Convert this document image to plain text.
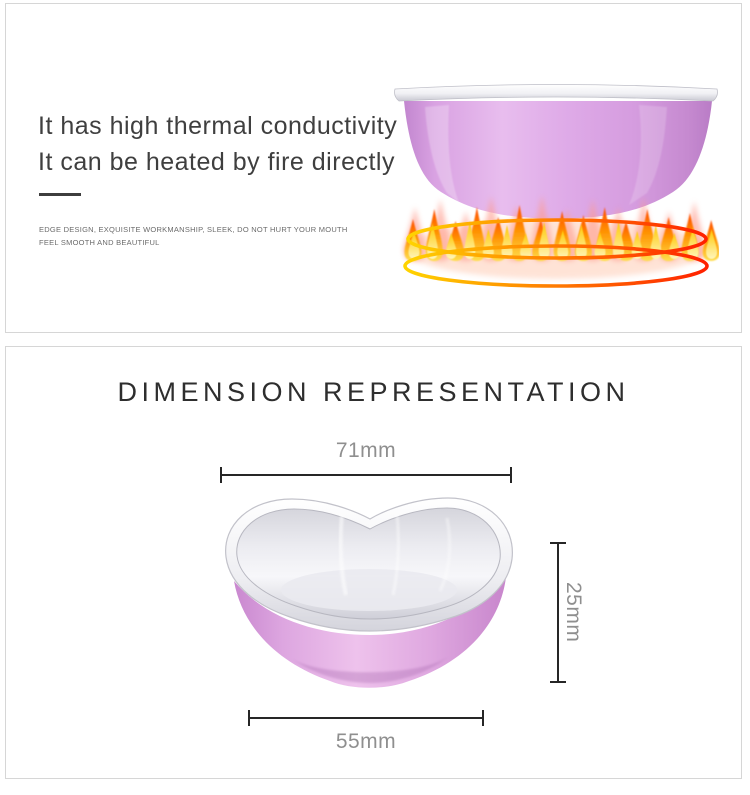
It has high thermal conductivity
It can be heated by fire directly
EDGE DESIGN, EXQUISITE WORKMANSHIP, SLEEK, DO NOT HURT YOUR MOUTH
FEEL SMOOTH AND BEAUTIFUL
DIMENSION REPRESENTATION
71mm
25mm
55mm
